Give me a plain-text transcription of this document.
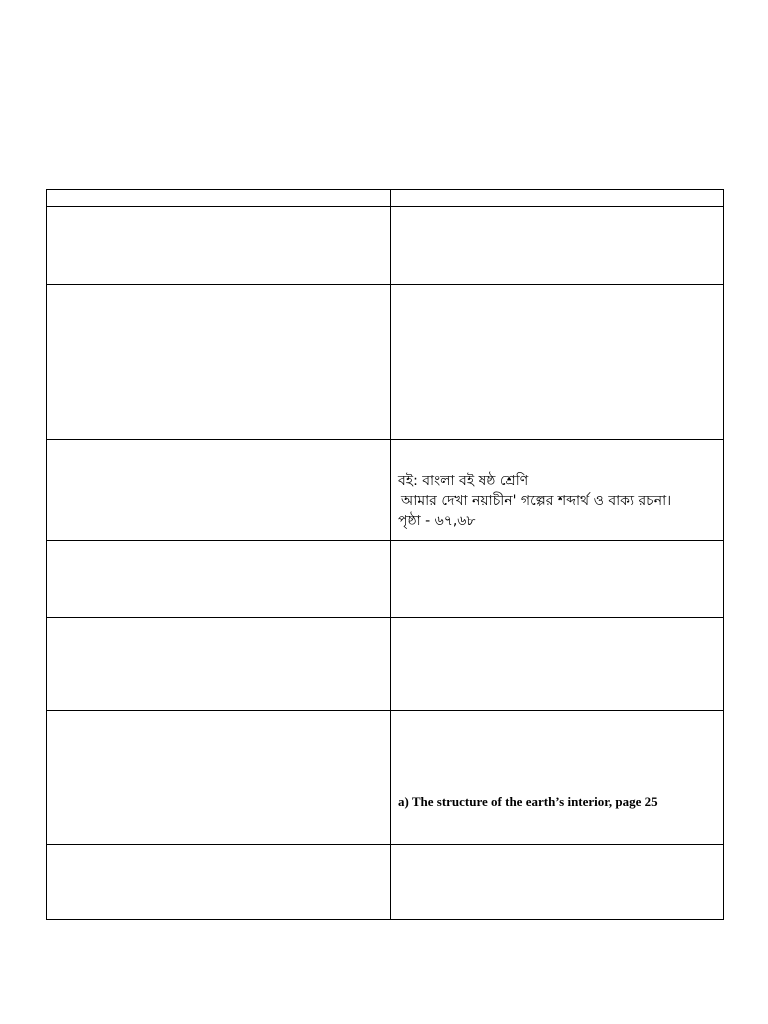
	বই: বাংলা বই ষষ্ঠ শ্রেণি
আমার দেখা নয়াচীন' গল্পের শব্দার্থ ও বাক্য রচনা।
পৃষ্ঠা - ৬৭,৬৮

	a) The structure of the earth’s interior, page 25
